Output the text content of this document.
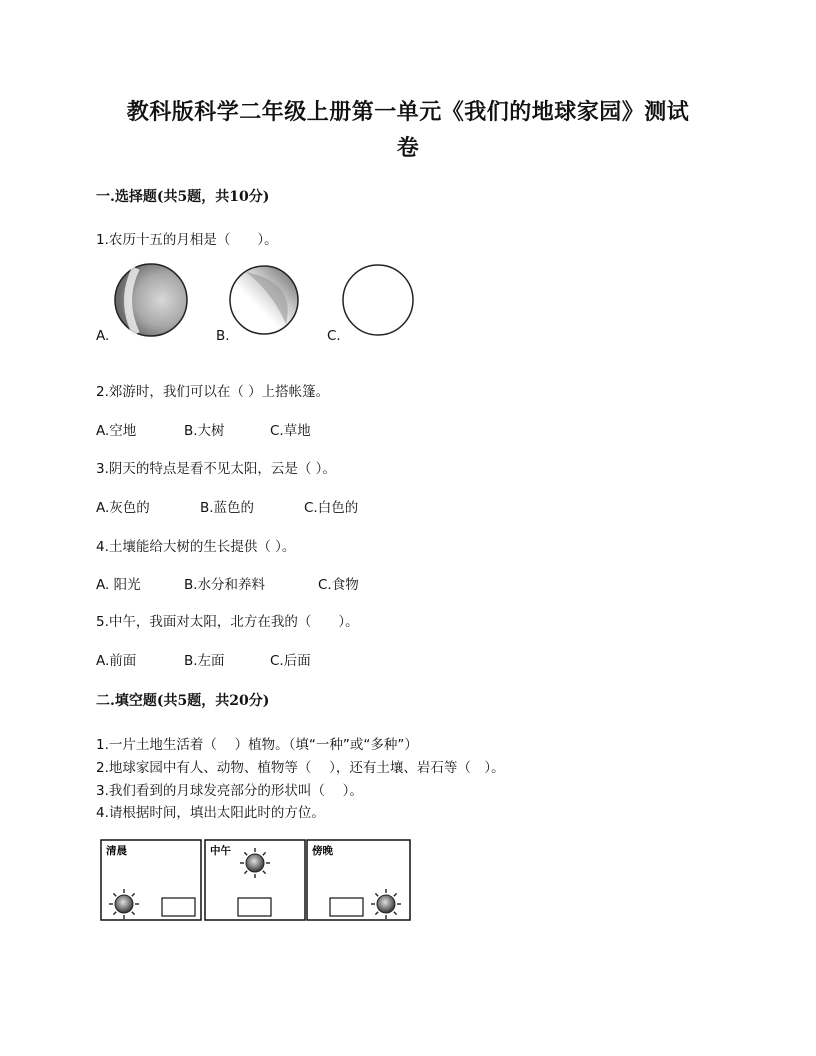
教科版科学二年级上册第一单元《我们的地球家园》测试
卷
一.选择题(共5题，共10分)
1.农历十五的月相是（　　）。
A.	B.	C.
2.郊游时，我们可以在（ ）上搭帐篷。
A.空地	B.大树	C.草地
3.阴天的特点是看不见太阳，云是（ ）。
A.灰色的	B.蓝色的	C.白色的
4.土壤能给大树的生长提供（ ）。
A. 阳光	B.水分和养料	C.食物
5.中午，我面对太阳，北方在我的（　　）。
A.前面	B.左面	C.后面
二.填空题(共5题，共20分)
1.一片土地生活着（　 ）植物。（填“一种”或“多种”）
2.地球家园中有人、动物、植物等（　 ），还有土壤、岩石等（　）。
3.我们看到的月球发亮部分的形状叫（　 ）。
4.请根据时间，填出太阳此时的方位。
清晨	中午	傍晚
